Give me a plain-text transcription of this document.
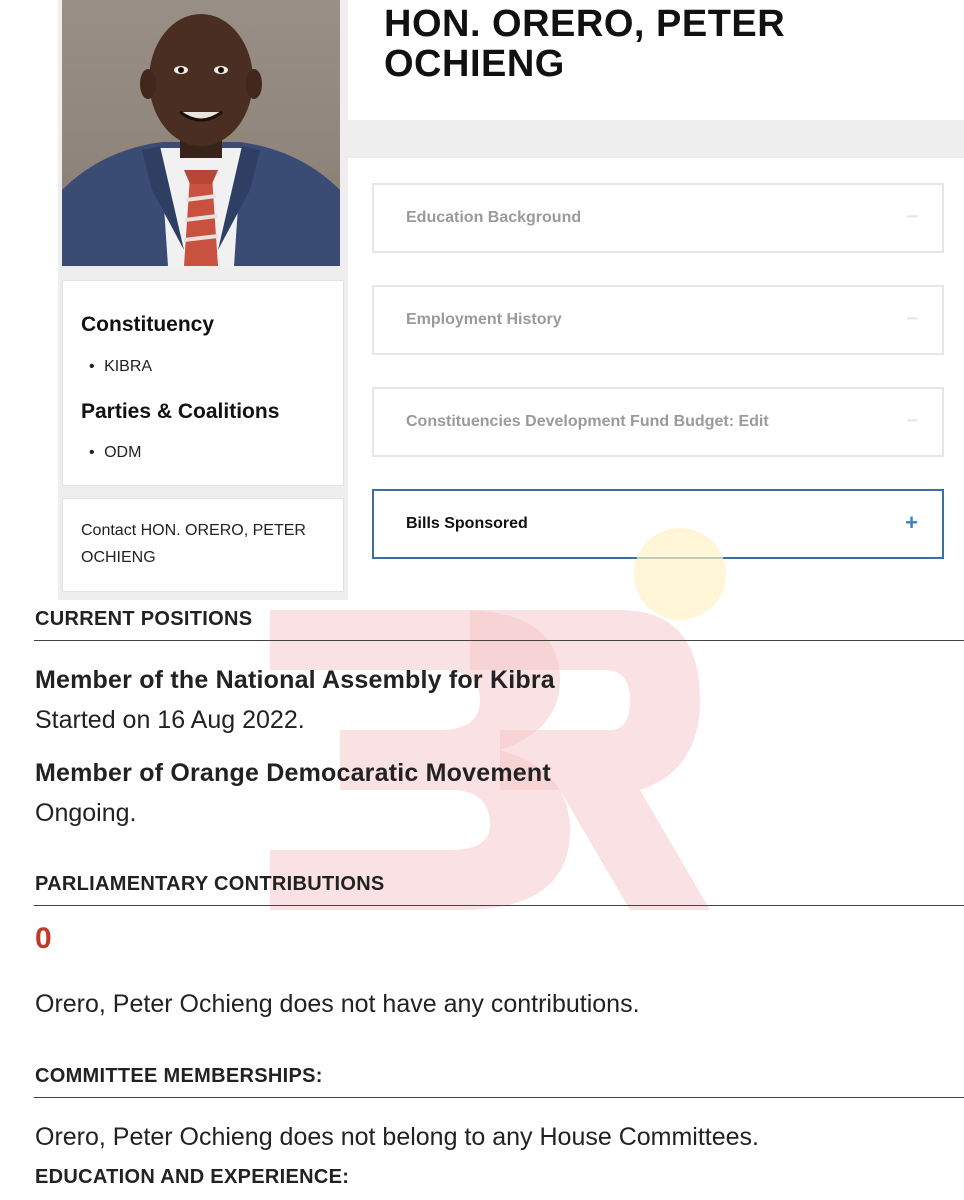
Constituency
• KIBRA
Parties & Coalitions
• ODM
Contact HON. ORERO, PETER OCHIENG
HON. ORERO, PETER OCHIENG
Education Background	−
Employment History	−
Constituencies Development Fund Budget: Edit	−
Bills Sponsored	+
CURRENT POSITIONS
Member of the National Assembly for Kibra
Started on 16 Aug 2022.
Member of Orange Democaratic Movement
Ongoing.
PARLIAMENTARY CONTRIBUTIONS
0
Orero, Peter Ochieng does not have any contributions.
COMMITTEE MEMBERSHIPS:
Orero, Peter Ochieng does not belong to any House Committees.
EDUCATION AND EXPERIENCE:
